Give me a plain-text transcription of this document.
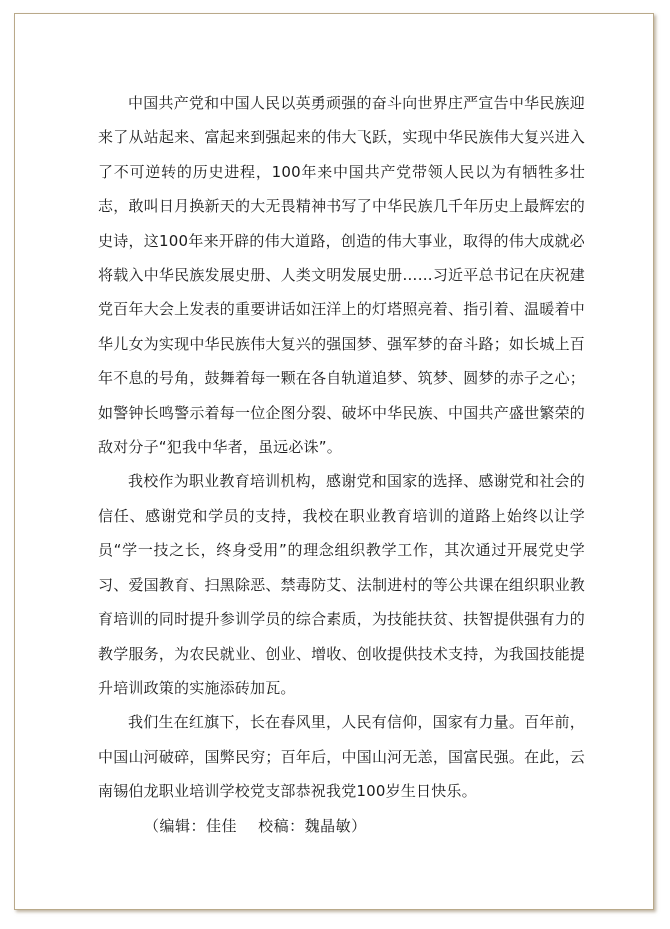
中国共产党和中国人民以英勇顽强的奋斗向世界庄严宣告中华民族迎来了从站起来、富起来到强起来的伟大飞跃，实现中华民族伟大复兴进入了不可逆转的历史进程，100年来中国共产党带领人民以为有牺牲多壮志，敢叫日月换新天的大无畏精神书写了中华民族几千年历史上最辉宏的史诗，这100年来开辟的伟大道路，创造的伟大事业，取得的伟大成就必将载入中华民族发展史册、人类文明发展史册……习近平总书记在庆祝建党百年大会上发表的重要讲话如汪洋上的灯塔照亮着、指引着、温暖着中华儿女为实现中华民族伟大复兴的强国梦、强军梦的奋斗路；如长城上百年不息的号角，鼓舞着每一颗在各自轨道追梦、筑梦、圆梦的赤子之心；如警钟长鸣警示着每一位企图分裂、破坏中华民族、中国共产盛世繁荣的敌对分子“犯我中华者，虽远必诛”。

我校作为职业教育培训机构，感谢党和国家的选择、感谢党和社会的信任、感谢党和学员的支持，我校在职业教育培训的道路上始终以让学员“学一技之长，终身受用”的理念组织教学工作，其次通过开展党史学习、爱国教育、扫黑除恶、禁毒防艾、法制进村的等公共课在组织职业教育培训的同时提升参训学员的综合素质，为技能扶贫、扶智提供强有力的教学服务，为农民就业、创业、增收、创收提供技术支持，为我国技能提升培训政策的实施添砖加瓦。

我们生在红旗下，长在春风里，人民有信仰，国家有力量。百年前，中国山河破碎，国弊民穷；百年后，中国山河无恙，国富民强。在此，云南锡伯龙职业培训学校党支部恭祝我党100岁生日快乐。

（编辑：佳佳    校稿：魏晶敏）
